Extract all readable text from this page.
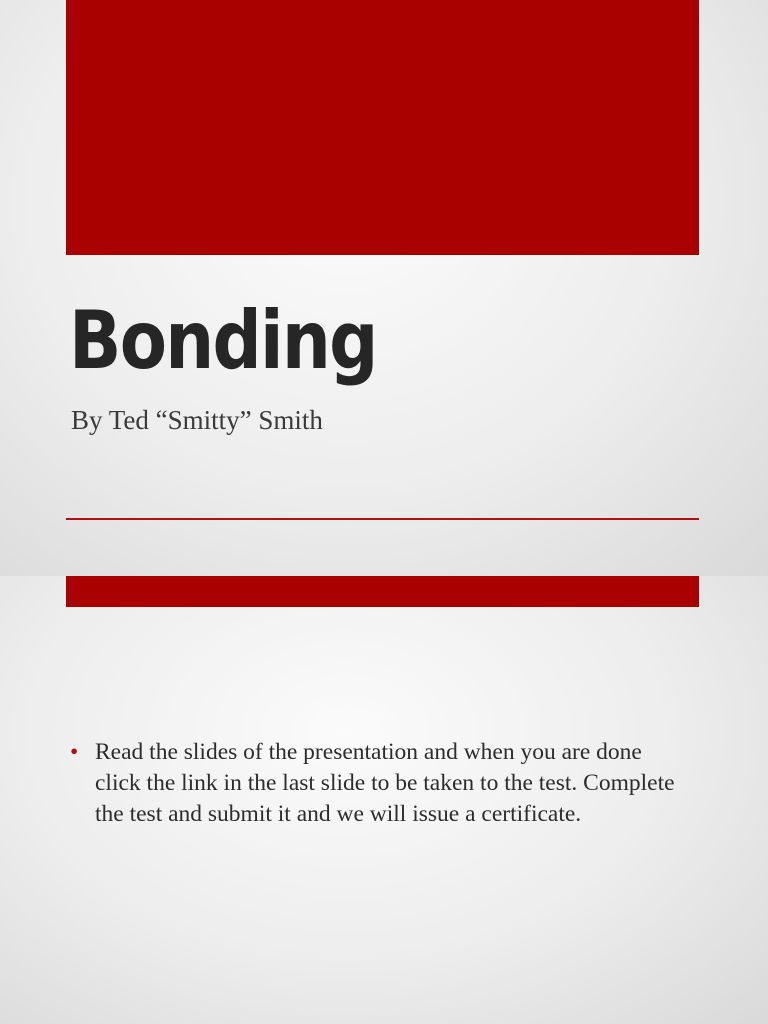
Bonding

By Ted “Smitty” Smith

• Read the slides of the presentation and when you are done click the link in the last slide to be taken to the test. Complete the test and submit it and we will issue a certificate.
